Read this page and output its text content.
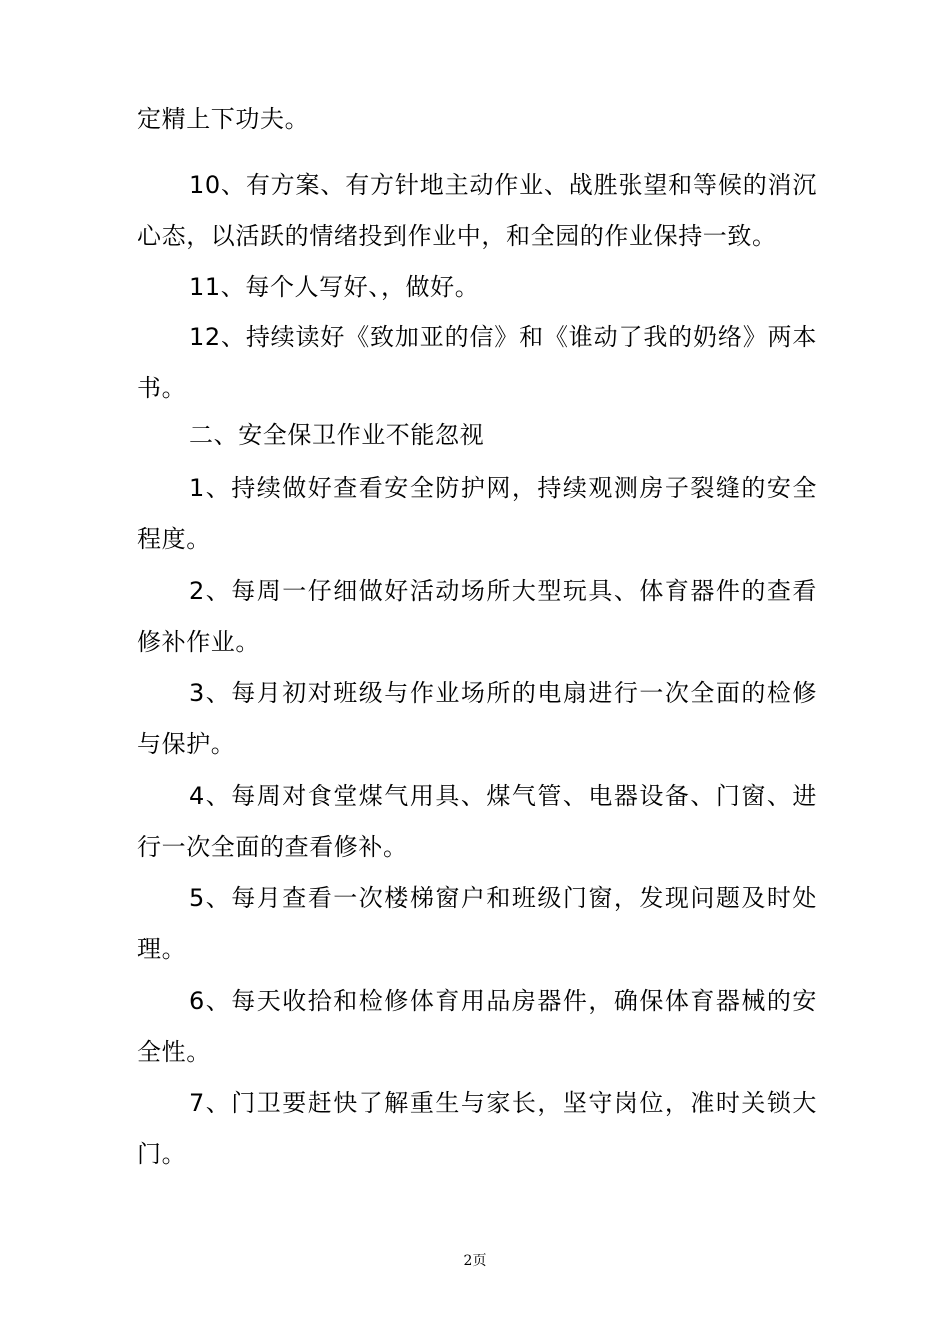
定精上下功夫。

10、有方案、有方针地主动作业、战胜张望和等候的消沉心态，以活跃的情绪投到作业中，和全园的作业保持一致。

11、每个人写好、，做好。

12、持续读好《致加亚的信》和《谁动了我的奶络》两本书。

二、安全保卫作业不能忽视

1、持续做好查看安全防护网，持续观测房子裂缝的安全程度。

2、每周一仔细做好活动场所大型玩具、体育器件的查看修补作业。

3、每月初对班级与作业场所的电扇进行一次全面的检修与保护。

4、每周对食堂煤气用具、煤气管、电器设备、门窗、进行一次全面的查看修补。

5、每月查看一次楼梯窗户和班级门窗，发现问题及时处理。

6、每天收拾和检修体育用品房器件，确保体育器械的安全性。

7、门卫要赶快了解重生与家长，坚守岗位，准时关锁大门。

2页
